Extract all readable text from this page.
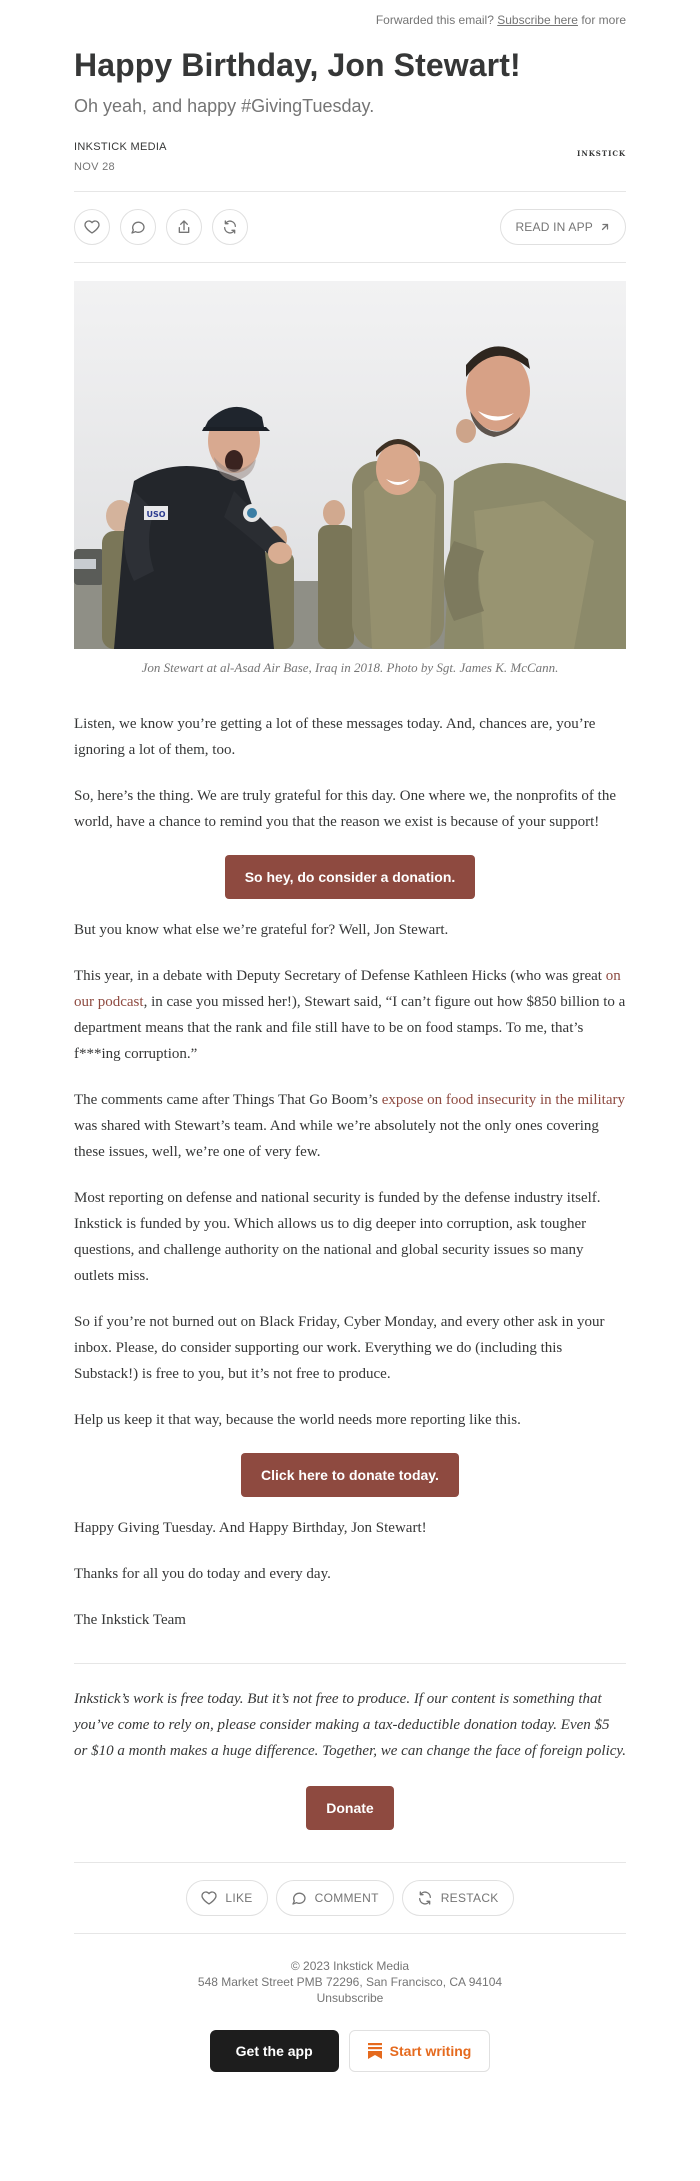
Forwarded this email? Subscribe here for more
Happy Birthday, Jon Stewart!
Oh yeah, and happy #GivingTuesday.
INKSTICK MEDIA
NOV 28
INKSTICK
READ IN APP
USO
Jon Stewart at al-Asad Air Base, Iraq in 2018. Photo by Sgt. James K. McCann.

Listen, we know you’re getting a lot of these messages today. And, chances are, you’re ignoring a lot of them, too.

So, here’s the thing. We are truly grateful for this day. One where we, the nonprofits of the world, have a chance to remind you that the reason we exist is because of your support!

So hey, do consider a donation.

But you know what else we’re grateful for? Well, Jon Stewart.

This year, in a debate with Deputy Secretary of Defense Kathleen Hicks (who was great on our podcast, in case you missed her!), Stewart said, “I can’t figure out how $850 billion to a department means that the rank and file still have to be on food stamps. To me, that’s f***ing corruption.”

The comments came after Things That Go Boom’s expose on food insecurity in the military was shared with Stewart’s team. And while we’re absolutely not the only ones covering these issues, well, we’re one of very few.

Most reporting on defense and national security is funded by the defense industry itself. Inkstick is funded by you. Which allows us to dig deeper into corruption, ask tougher questions, and challenge authority on the national and global security issues so many outlets miss.

So if you’re not burned out on Black Friday, Cyber Monday, and every other ask in your inbox. Please, do consider supporting our work. Everything we do (including this Substack!) is free to you, but it’s not free to produce.

Help us keep it that way, because the world needs more reporting like this.

Click here to donate today.

Happy Giving Tuesday. And Happy Birthday, Jon Stewart!

Thanks for all you do today and every day.

The Inkstick Team

Inkstick’s work is free today. But it’s not free to produce. If our content is something that you’ve come to rely on, please consider making a tax-deductible donation today. Even $5 or $10 a month makes a huge difference. Together, we can change the face of foreign policy.
Donate
LIKE	COMMENT	RESTACK
© 2023 Inkstick Media
548 Market Street PMB 72296, San Francisco, CA 94104
Unsubscribe
Get the app	Start writing
